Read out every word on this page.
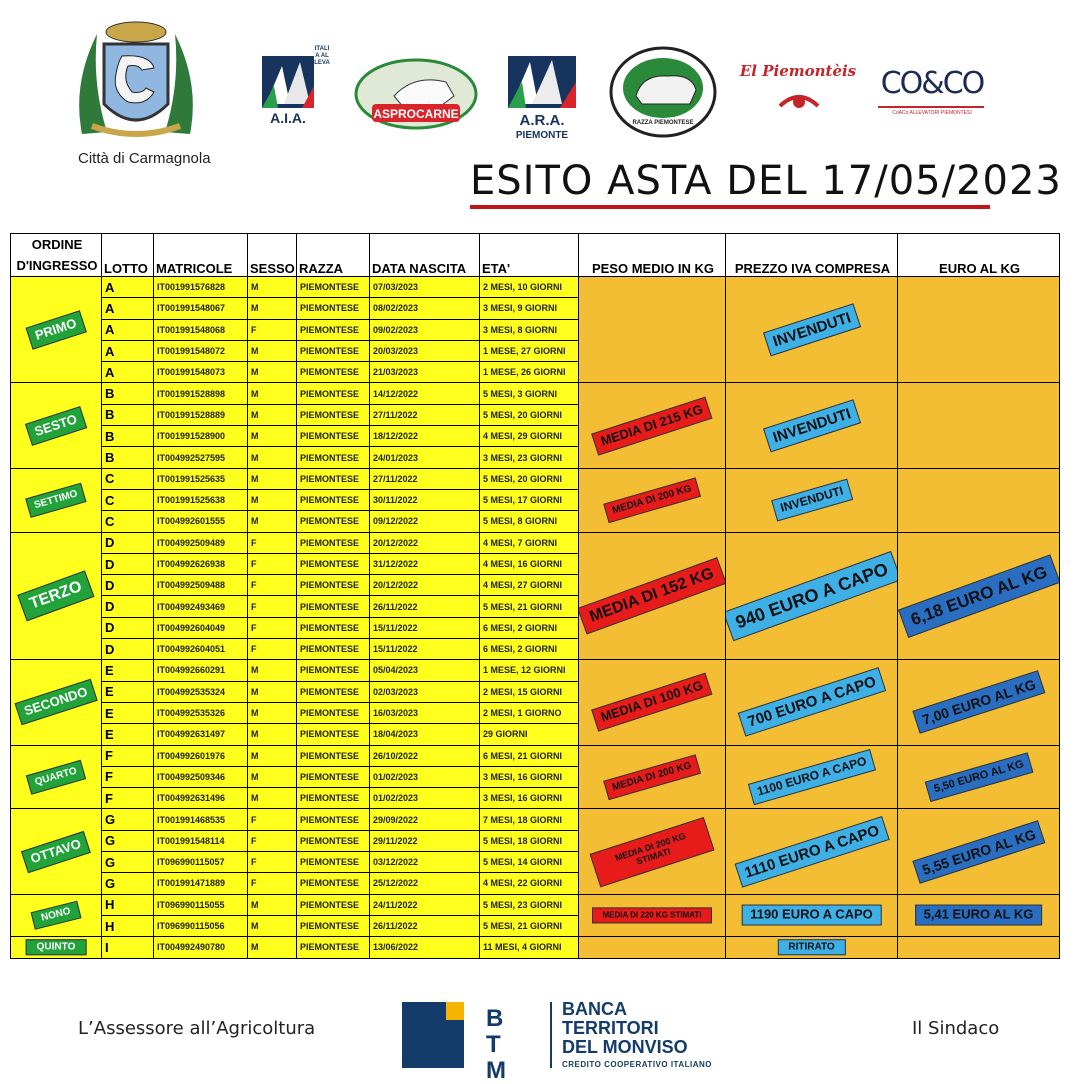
Città di Carmagnola
A.I.A.
ITALIA ALLEVA
ASPROCARNE	A.R.A.
PIEMONTE
RAZZA PIEMONTESE
El Piemontèis CO&CO
CoACo ALLEVATORI PIEMONTESI
ESITO ASTA DEL 17/05/2023
ORDINE D'INGRESSO	LOTTO	MATRICOLE	SESSO	RAZZA	DATA NASCITA	ETA'	PESO MEDIO IN KG	PREZZO IVA COMPRESA	EURO AL KG

PRIMO	A	IT001991576828	M	PIEMONTESE	07/03/2023	2 MESI, 10 GIORNI		INVENDUTI	

	A	IT001991548067	M	PIEMONTESE	08/02/2023	3 MESI, 9 GIORNI			
	A	IT001991548068	F	PIEMONTESE	09/02/2023	3 MESI, 8 GIORNI			
	A	IT001991548072	M	PIEMONTESE	20/03/2023	1 MESE, 27 GIORNI			
	A	IT001991548073	M	PIEMONTESE	21/03/2023	1 MESE, 26 GIORNI			

SESTO	B	IT001991528898	M	PIEMONTESE	14/12/2022	5 MESI, 3 GIORNI	MEDIA DI 215 KG	INVENDUTI	

	B	IT001991528889	M	PIEMONTESE	27/11/2022	5 MESI, 20 GIORNI			
	B	IT001991528900	M	PIEMONTESE	18/12/2022	4 MESI, 29 GIORNI			
	B	IT004992527595	M	PIEMONTESE	24/01/2023	3 MESI, 23 GIORNI			

SETTIMO	C	IT001991525635	M	PIEMONTESE	27/11/2022	5 MESI, 20 GIORNI	MEDIA DI 200 KG	INVENDUTI	

	C	IT001991525638	M	PIEMONTESE	30/11/2022	5 MESI, 17 GIORNI			
	C	IT004992601555	M	PIEMONTESE	09/12/2022	5 MESI, 8 GIORNI			

TERZO	D	IT004992509489	F	PIEMONTESE	20/12/2022	4 MESI, 7 GIORNI	MEDIA DI 152 KG	940 EURO A CAPO	6,18 EURO AL KG

	D	IT004992626938	F	PIEMONTESE	31/12/2022	4 MESI, 16 GIORNI			
	D	IT004992509488	F	PIEMONTESE	20/12/2022	4 MESI, 27 GIORNI			
	D	IT004992493469	F	PIEMONTESE	26/11/2022	5 MESI, 21 GIORNI			
	D	IT004992604049	F	PIEMONTESE	15/11/2022	6 MESI, 2 GIORNI			
	D	IT004992604051	F	PIEMONTESE	15/11/2022	6 MESI, 2 GIORNI			

SECONDO	E	IT004992660291	M	PIEMONTESE	05/04/2023	1 MESE, 12 GIORNI	MEDIA DI 100 KG	700 EURO A CAPO	7,00 EURO AL KG

	E	IT004992535324	M	PIEMONTESE	02/03/2023	2 MESI, 15 GIORNI			
	E	IT004992535326	M	PIEMONTESE	16/03/2023	2 MESI, 1 GIORNO			
	E	IT004992631497	M	PIEMONTESE	18/04/2023	29 GIORNI			

QUARTO	F	IT004992601976	M	PIEMONTESE	26/10/2022	6 MESI, 21 GIORNI	MEDIA DI 200 KG	1100 EURO A CAPO	5,50 EURO AL KG

	F	IT004992509346	M	PIEMONTESE	01/02/2023	3 MESI, 16 GIORNI			
	F	IT004992631496	M	PIEMONTESE	01/02/2023	3 MESI, 16 GIORNI			

OTTAVO	G	IT001991468535	F	PIEMONTESE	29/09/2022	7 MESI, 18 GIORNI	MEDIA DI 200 KG STIMATI	1110 EURO A CAPO	5,55 EURO AL KG

	G	IT001991548114	F	PIEMONTESE	29/11/2022	5 MESI, 18 GIORNI			
	G	IT096990115057	F	PIEMONTESE	03/12/2022	5 MESI, 14 GIORNI			
	G	IT001991471889	F	PIEMONTESE	25/12/2022	4 MESI, 22 GIORNI			

NONO	H	IT096990115055	M	PIEMONTESE	24/11/2022	5 MESI, 23 GIORNI	MEDIA DI 220 KG STIMATI	1190 EURO A CAPO	5,41 EURO AL KG

	H	IT096990115056	M	PIEMONTESE	26/11/2022	5 MESI, 21 GIORNI			

QUINTO	I	IT004992490780	M	PIEMONTESE	13/06/2022	11 MESI, 4 GIORNI		RITIRATO	

L’Assessore all’Agricoltura	BTM
BANCA
TERRITORI
DEL MONVISO
CREDITO COOPERATIVO ITALIANO
Il Sindaco
